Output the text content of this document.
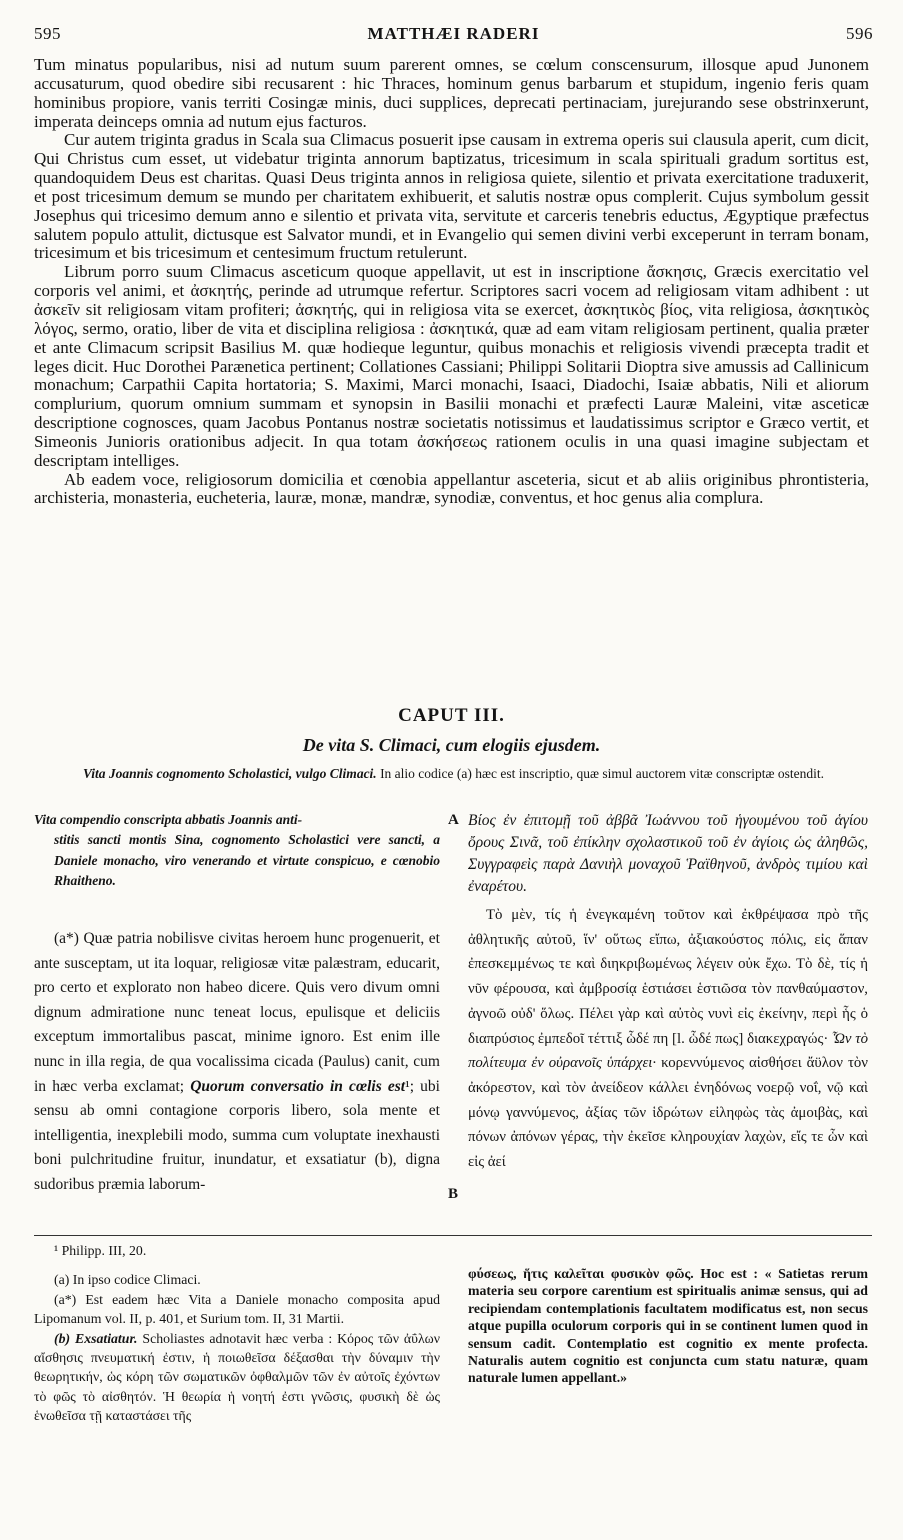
595	MATTHÆI RADERI	596

Tum minatus popularibus, nisi ad nutum suum parerent omnes, se cœlum conscensurum, illosque apud Junonem accusaturum, quod obedire sibi recusarent : hic Thraces, hominum genus barbarum et stupidum, ingenio feris quam hominibus propiore, vanis territi Cosingæ minis, duci supplices, deprecati pertinaciam, jurejurando sese obstrinxerunt, imperata deinceps omnia ad nutum ejus facturos.

Cur autem triginta gradus in Scala sua Climacus posuerit ipse causam in extrema operis sui clausula aperit, cum dicit, Qui Christus cum esset, ut videbatur triginta annorum baptizatus, tricesimum in scala spirituali gradum sortitus est, quandoquidem Deus est charitas. Quasi Deus triginta annos in religiosa quiete, silentio et privata exercitatione traduxerit, et post tricesimum demum se mundo per charitatem exhibuerit, et salutis nostræ opus complerit. Cujus symbolum gessit Josephus qui tricesimo demum anno e silentio et privata vita, servitute et carceris tenebris eductus, Ægyptique præfectus salutem populo attulit, dictusque est Salvator mundi, et in Evangelio qui semen divini verbi exceperunt in terram bonam, tricesimum et bis tricesimum et centesimum fructum retulerunt.

Librum porro suum Climacus asceticum quoque appellavit, ut est in inscriptione ἄσκησις, Græcis exercitatio vel corporis vel animi, et ἀσκητής, perinde ad utrumque refertur. Scriptores sacri vocem ad religiosam vitam adhibent : ut ἀσκεῖν sit religiosam vitam profiteri; ἀσκητής, qui in religiosa vita se exercet, ἀσκητικὸς βίος, vita religiosa, ἀσκητικὸς λόγος, sermo, oratio, liber de vita et disciplina religiosa : ἀσκητικά, quæ ad eam vitam religiosam pertinent, qualia præter et ante Climacum scripsit Basilius M. quæ hodieque leguntur, quibus monachis et religiosis vivendi præcepta tradit et leges dicit. Huc Dorothei Parænetica pertinent; Collationes Cassiani; Philippi Solitarii Dioptra sive amussis ad Callinicum monachum; Carpathii Capita hortatoria; S. Maximi, Marci monachi, Isaaci, Diadochi, Isaiæ abbatis, Nili et aliorum complurium, quorum omnium summam et synopsin in Basilii monachi et præfecti Lauræ Maleini, vitæ asceticæ descriptione cognosces, quam Jacobus Pontanus nostræ societatis notissimus et laudatissimus scriptor e Græco vertit, et Simeonis Junioris orationibus adjecit. In qua totam ἀσκήσεως rationem oculis in una quasi imagine subjectam et descriptam intelliges.

Ab eadem voce, religiosorum domicilia et cœnobia appellantur asceteria, sicut et ab aliis originibus phrontisteria, archisteria, monasteria, eucheteria, lauræ, monæ, mandræ, synodiæ, conventus, et hoc genus alia complura.

CAPUT III.
De vita S. Climaci, cum elogiis ejusdem.
Vita Joannis cognomento Scholastici, vulgo Climaci. In alio codice (a) hæc est inscriptio, quæ simul auctorem vitæ conscriptæ ostendit.
Vita compendio conscripta abbatis Joannis anti-
stitis sancti montis Sina, cognomento Scholastici vere sancti, a Daniele monacho, viro venerando et virtute conspicuo, e cœnobio Rhaitheno.
A Βίος ἐν ἐπιτομῇ τοῦ ἀββᾶ Ἰωάννου τοῦ ἡγουμένου τοῦ ἁγίου ὄρους Σινᾶ, τοῦ ἐπίκλην σχολαστικοῦ τοῦ ἐν ἁγίοις ὡς ἀληθῶς, Συγγραφεὶς παρὰ Δανιὴλ μοναχοῦ Ῥαϊθηνοῦ, ἀνδρὸς τιμίου καὶ ἐναρέτου.

(a*) Quæ patria nobilisve civitas heroem hunc progenuerit, et ante susceptam, ut ita loquar, religiosæ vitæ palæstram, educarit, pro certo et explorato non habeo dicere. Quis vero divum omni dignum admiratione nunc teneat locus, epulisque et deliciis exceptum immortalibus pascat, minime ignoro. Est enim ille nunc in illa regia, de qua vocalissima cicada (Paulus) canit, cum in hæc verba exclamat; Quorum conversatio in cœlis est¹; ubi sensu ab omni contagione corporis libero, sola mente et intelligentia, inexplebili modo, summa cum voluptate inexhausti boni pulchritudine fruitur, inundatur, et exsatiatur (b), digna sudoribus præmia laborum-

B

Τὸ μὲν, τίς ἡ ἐνεγκαμένη τοῦτον καὶ ἐκθρέψασα πρὸ τῆς ἀθλητικῆς αὐτοῦ, ἵν' οὕτως εἴπω, ἀξιακούστος πόλις, εἰς ἅπαν ἐπεσκεμμένως τε καὶ διηκριβωμένως λέγειν οὐκ ἔχω. Τὸ δὲ, τίς ἡ νῦν φέρουσα, καὶ ἀμβροσίᾳ ἑστιάσει ἑστιῶσα τὸν πανθαύμαστον, ἀγνοῶ οὐδ' ὅλως. Πέλει γὰρ καὶ αὐτὸς νυνὶ εἰς ἐκείνην, περὶ ἧς ὁ διαπρύσιος ἐμπεδοῖ τέττιξ ὧδέ πη [l. ὧδέ πως] διακεχραγώς· Ὧν τὸ πολίτευμα ἐν οὐρανοῖς ὑπάρχει· κορεννύμενος αἰσθήσει ἄϋλον τὸν ἀκόρεστον, καὶ τὸν ἀνείδεον κάλλει ἐνηδόνως νοερῷ νοΐ, νῷ καὶ μόνῳ γαννύμενος, ἀξίας τῶν ἱδρώτων εἰληφὼς τὰς ἀμοιβὰς, καὶ πόνων ἀπόνων γέρας, τὴν ἐκεῖσε κληρουχίαν λαχὼν, εἴς τε ὧν καὶ εἰς ἀεί

¹ Philipp. III, 20.

(a) In ipso codice Climaci.

(a*) Est eadem hæc Vita a Daniele monacho composita apud Lipomanum vol. II, p. 401, et Surium tom. II, 31 Martii.

(b) Exsatiatur. Scholiastes adnotavit hæc verba : Κόρος τῶν ἀΰλων αἴσθησις πνευματική ἐστιν, ἡ ποιωθεῖσα δέξασθαι τὴν δύναμιν τὴν θεωρητικήν, ὡς κόρη τῶν σωματικῶν ὀφθαλμῶν τῶν ἐν αὐτοῖς ἐχόντων τὸ φῶς τὸ αἰσθητόν. Ἡ θεωρία ἡ νοητή ἐστι γνῶσις, φυσικὴ δὲ ὡς ἑνωθεῖσα τῇ καταστάσει τῆς

φύσεως, ἥτις καλεῖται φυσικὸν φῶς. Hoc est : « Satietas rerum materia seu corpore carentium est spiritualis animæ sensus, qui ad recipiendam contemplationis facultatem modificatus est, non secus atque pupilla oculorum corporis qui in se continent lumen quod in sensum cadit. Contemplatio est cognitio ex mente profecta. Naturalis autem cognitio est conjuncta cum statu naturæ, quam naturale lumen appellant.»
